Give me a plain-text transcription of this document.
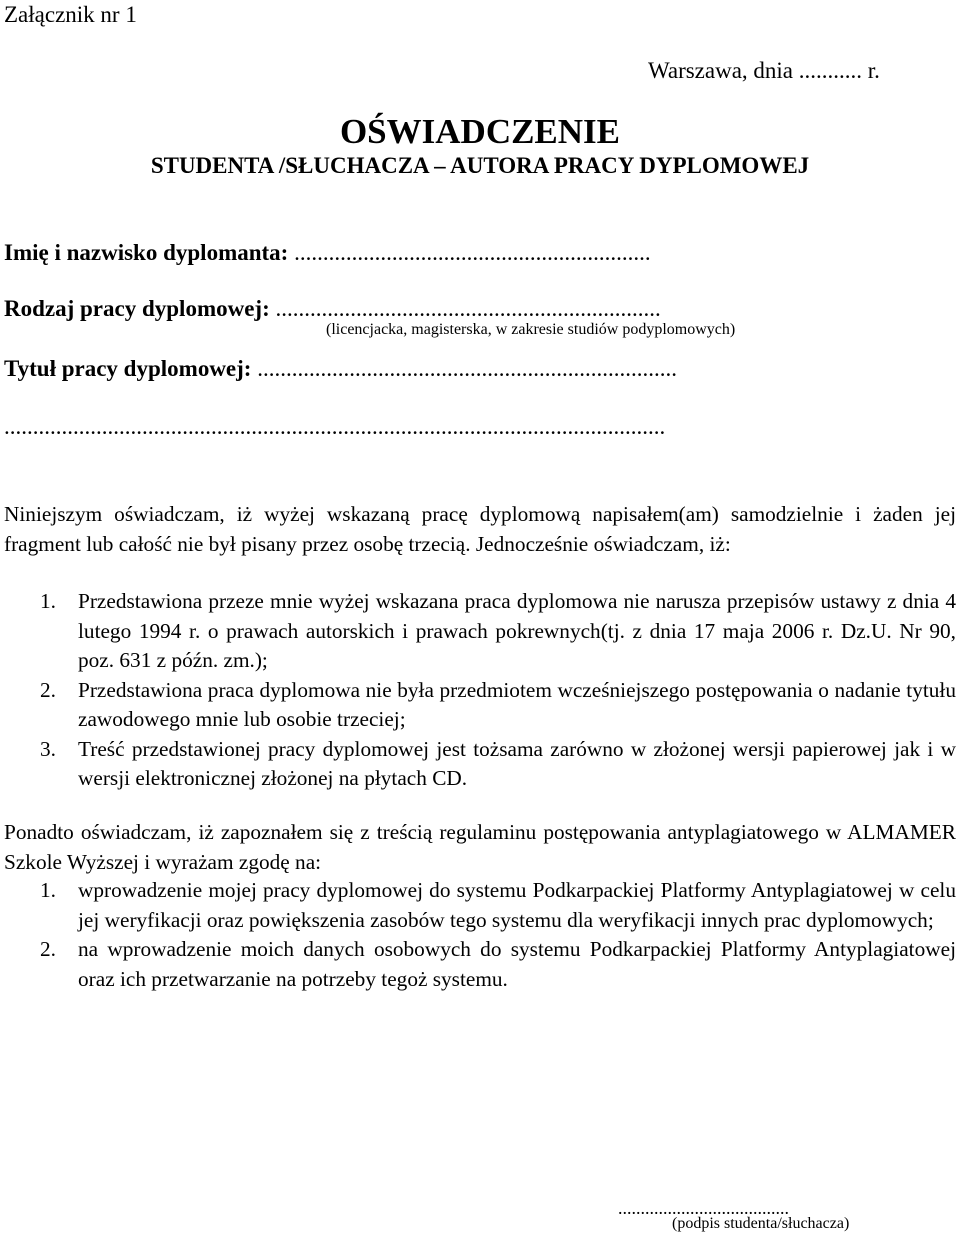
Załącznik nr 1
Warszawa, dnia ........... r.
OŚWIADCZENIE
STUDENTA /SŁUCHACZA – AUTORA PRACY DYPLOMOWEJ
Imię i nazwisko dyplomanta: ..............................................................
Rodzaj pracy dyplomowej: ...................................................................
(licencjacka, magisterska, w zakresie studiów podyplomowych)
Tytuł pracy dyplomowej: .........................................................................
...................................................................................................................
Niniejszym oświadczam, iż wyżej wskazaną pracę dyplomową napisałem(am) samodzielnie i żaden jej fragment lub całość nie był pisany przez osobę trzecią. Jednocześnie oświadczam, iż:
1. Przedstawiona przeze mnie wyżej wskazana praca dyplomowa nie narusza przepisów ustawy z dnia 4 lutego 1994 r. o prawach autorskich i prawach pokrewnych(tj. z dnia 17 maja 2006 r. Dz.U. Nr 90, poz. 631 z późn. zm.);
2. Przedstawiona praca dyplomowa nie była przedmiotem wcześniejszego postępowania o nadanie tytułu zawodowego mnie lub osobie trzeciej;
3. Treść przedstawionej pracy dyplomowej jest tożsama zarówno w złożonej wersji papierowej jak i w wersji elektronicznej złożonej na płytach CD.
Ponadto oświadczam, iż zapoznałem się z treścią regulaminu postępowania antyplagiatowego w ALMAMER Szkole Wyższej i wyrażam zgodę na:
1. wprowadzenie mojej pracy dyplomowej do systemu Podkarpackiej Platformy Antyplagiatowej w celu jej weryfikacji oraz powiększenia zasobów tego systemu dla weryfikacji innych prac dyplomowych;
2. na wprowadzenie moich danych osobowych do systemu Podkarpackiej Platformy Antyplagiatowej oraz ich przetwarzanie na potrzeby tegoż systemu.
......................................
(podpis studenta/słuchacza)
